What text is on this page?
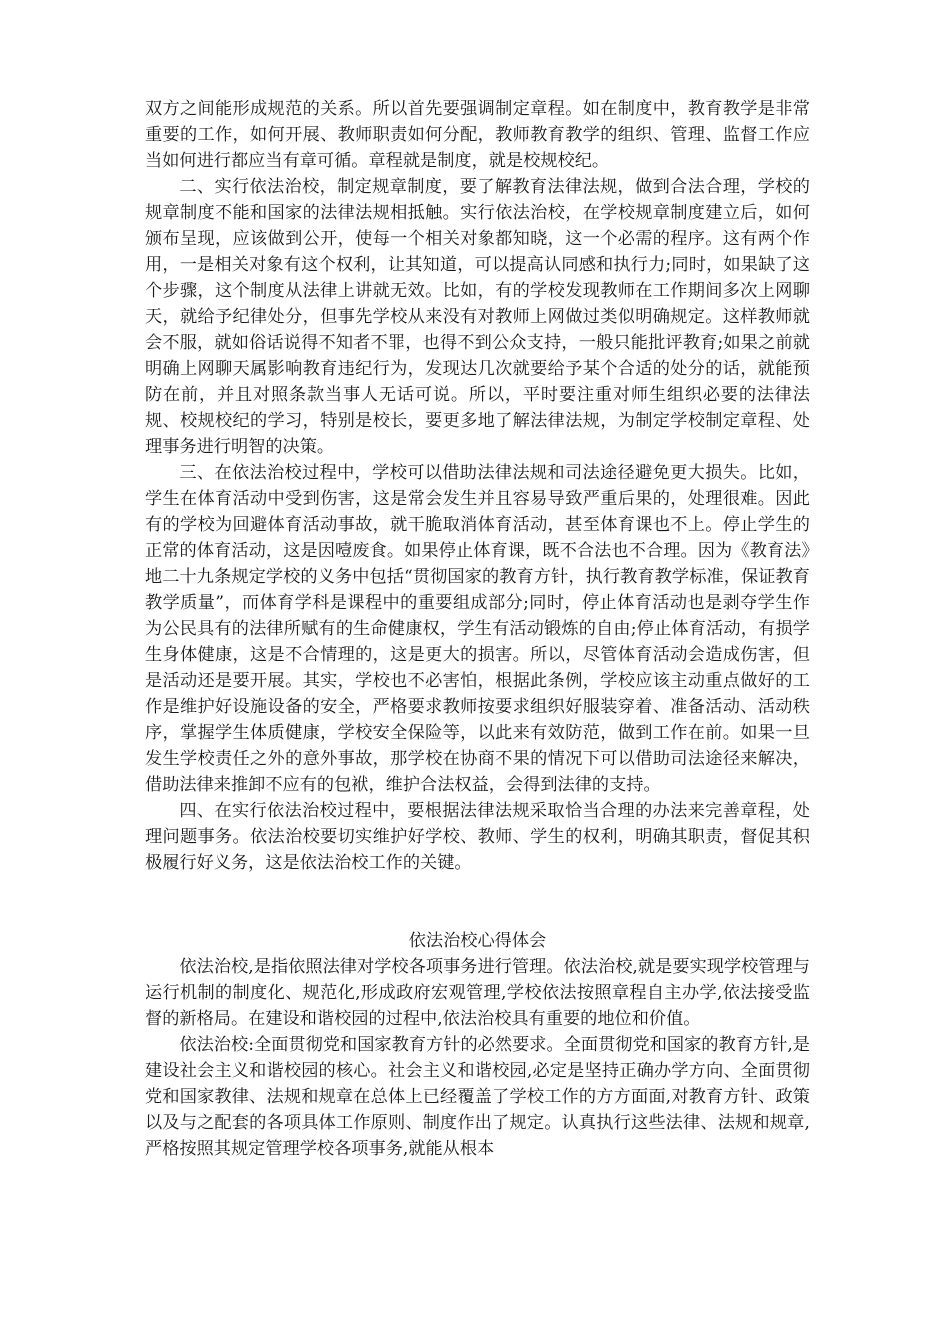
双方之间能形成规范的关系。所以首先要强调制定章程。如在制度中，教育教学是非常重要的工作，如何开展、教师职责如何分配，教师教育教学的组织、管理、监督工作应当如何进行都应当有章可循。章程就是制度，就是校规校纪。

二、实行依法治校，制定规章制度，要了解教育法律法规，做到合法合理，学校的规章制度不能和国家的法律法规相抵触。实行依法治校，在学校规章制度建立后，如何颁布呈现，应该做到公开，使每一个相关对象都知晓，这一个必需的程序。这有两个作用，一是相关对象有这个权利，让其知道，可以提高认同感和执行力;同时，如果缺了这个步骤，这个制度从法律上讲就无效。比如，有的学校发现教师在工作期间多次上网聊天，就给予纪律处分，但事先学校从来没有对教师上网做过类似明确规定。这样教师就会不服，就如俗话说得不知者不罪，也得不到公众支持，一般只能批评教育;如果之前就明确上网聊天属影响教育违纪行为，发现达几次就要给予某个合适的处分的话，就能预防在前，并且对照条款当事人无话可说。所以，平时要注重对师生组织必要的法律法规、校规校纪的学习，特别是校长，要更多地了解法律法规，为制定学校制定章程、处理事务进行明智的决策。

三、在依法治校过程中，学校可以借助法律法规和司法途径避免更大损失。比如，学生在体育活动中受到伤害，这是常会发生并且容易导致严重后果的，处理很难。因此有的学校为回避体育活动事故，就干脆取消体育活动，甚至体育课也不上。停止学生的正常的体育活动，这是因噎废食。如果停止体育课，既不合法也不合理。因为《教育法》地二十九条规定学校的义务中包括“贯彻国家的教育方针，执行教育教学标准，保证教育教学质量”，而体育学科是课程中的重要组成部分;同时，停止体育活动也是剥夺学生作为公民具有的法律所赋有的生命健康权，学生有活动锻炼的自由;停止体育活动，有损学生身体健康，这是不合情理的，这是更大的损害。所以，尽管体育活动会造成伤害，但是活动还是要开展。其实，学校也不必害怕，根据此条例，学校应该主动重点做好的工作是维护好设施设备的安全，严格要求教师按要求组织好服装穿着、准备活动、活动秩序，掌握学生体质健康，学校安全保险等，以此来有效防范，做到工作在前。如果一旦发生学校责任之外的意外事故，那学校在协商不果的情况下可以借助司法途径来解决，借助法律来推卸不应有的包袱，维护合法权益，会得到法律的支持。

四、在实行依法治校过程中，要根据法律法规采取恰当合理的办法来完善章程，处理问题事务。依法治校要切实维护好学校、教师、学生的权利，明确其职责，督促其积极履行好义务，这是依法治校工作的关键。

依法治校心得体会

依法治校,是指依照法律对学校各项事务进行管理。依法治校,就是要实现学校管理与运行机制的制度化、规范化,形成政府宏观管理,学校依法按照章程自主办学,依法接受监督的新格局。在建设和谐校园的过程中,依法治校具有重要的地位和价值。

依法治校:全面贯彻党和国家教育方针的必然要求。全面贯彻党和国家的教育方针,是建设社会主义和谐校园的核心。社会主义和谐校园,必定是坚持正确办学方向、全面贯彻党和国家教律、法规和规章在总体上已经覆盖了学校工作的方方面面,对教育方针、政策以及与之配套的各项具体工作原则、制度作出了规定。认真执行这些法律、法规和规章,严格按照其规定管理学校各项事务,就能从根本
